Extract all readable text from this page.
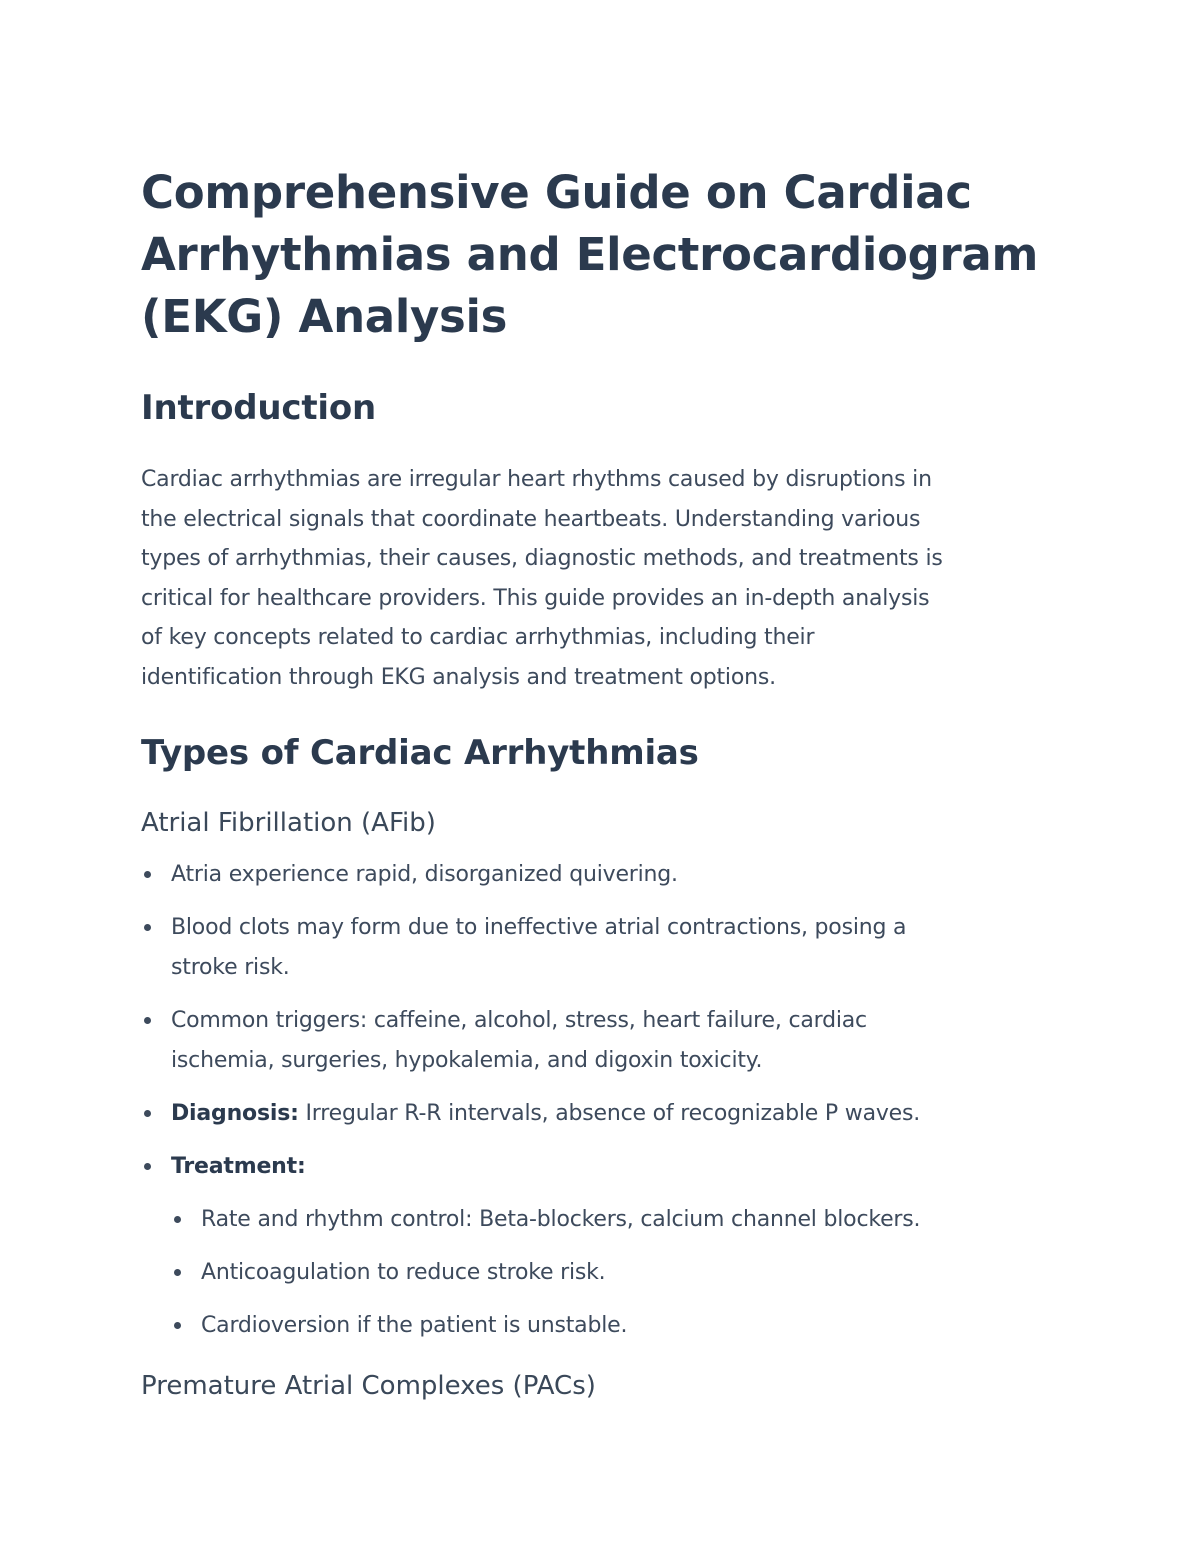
Comprehensive Guide on Cardiac
Arrhythmias and Electrocardiogram
(EKG) Analysis
Introduction

Cardiac arrhythmias are irregular heart rhythms caused by disruptions in
the electrical signals that coordinate heartbeats. Understanding various
types of arrhythmias, their causes, diagnostic methods, and treatments is
critical for healthcare providers. This guide provides an in-depth analysis
of key concepts related to cardiac arrhythmias, including their
identification through EKG analysis and treatment options.

Types of Cardiac Arrhythmias
Atrial Fibrillation (AFib)
Atria experience rapid, disorganized quivering.
Blood clots may form due to ineffective atrial contractions, posing a
stroke risk.
Common triggers: caffeine, alcohol, stress, heart failure, cardiac
ischemia, surgeries, hypokalemia, and digoxin toxicity.
Diagnosis: Irregular R-R intervals, absence of recognizable P waves.
Treatment:
Rate and rhythm control: Beta-blockers, calcium channel blockers.
Anticoagulation to reduce stroke risk.
Cardioversion if the patient is unstable.
Premature Atrial Complexes (PACs)
